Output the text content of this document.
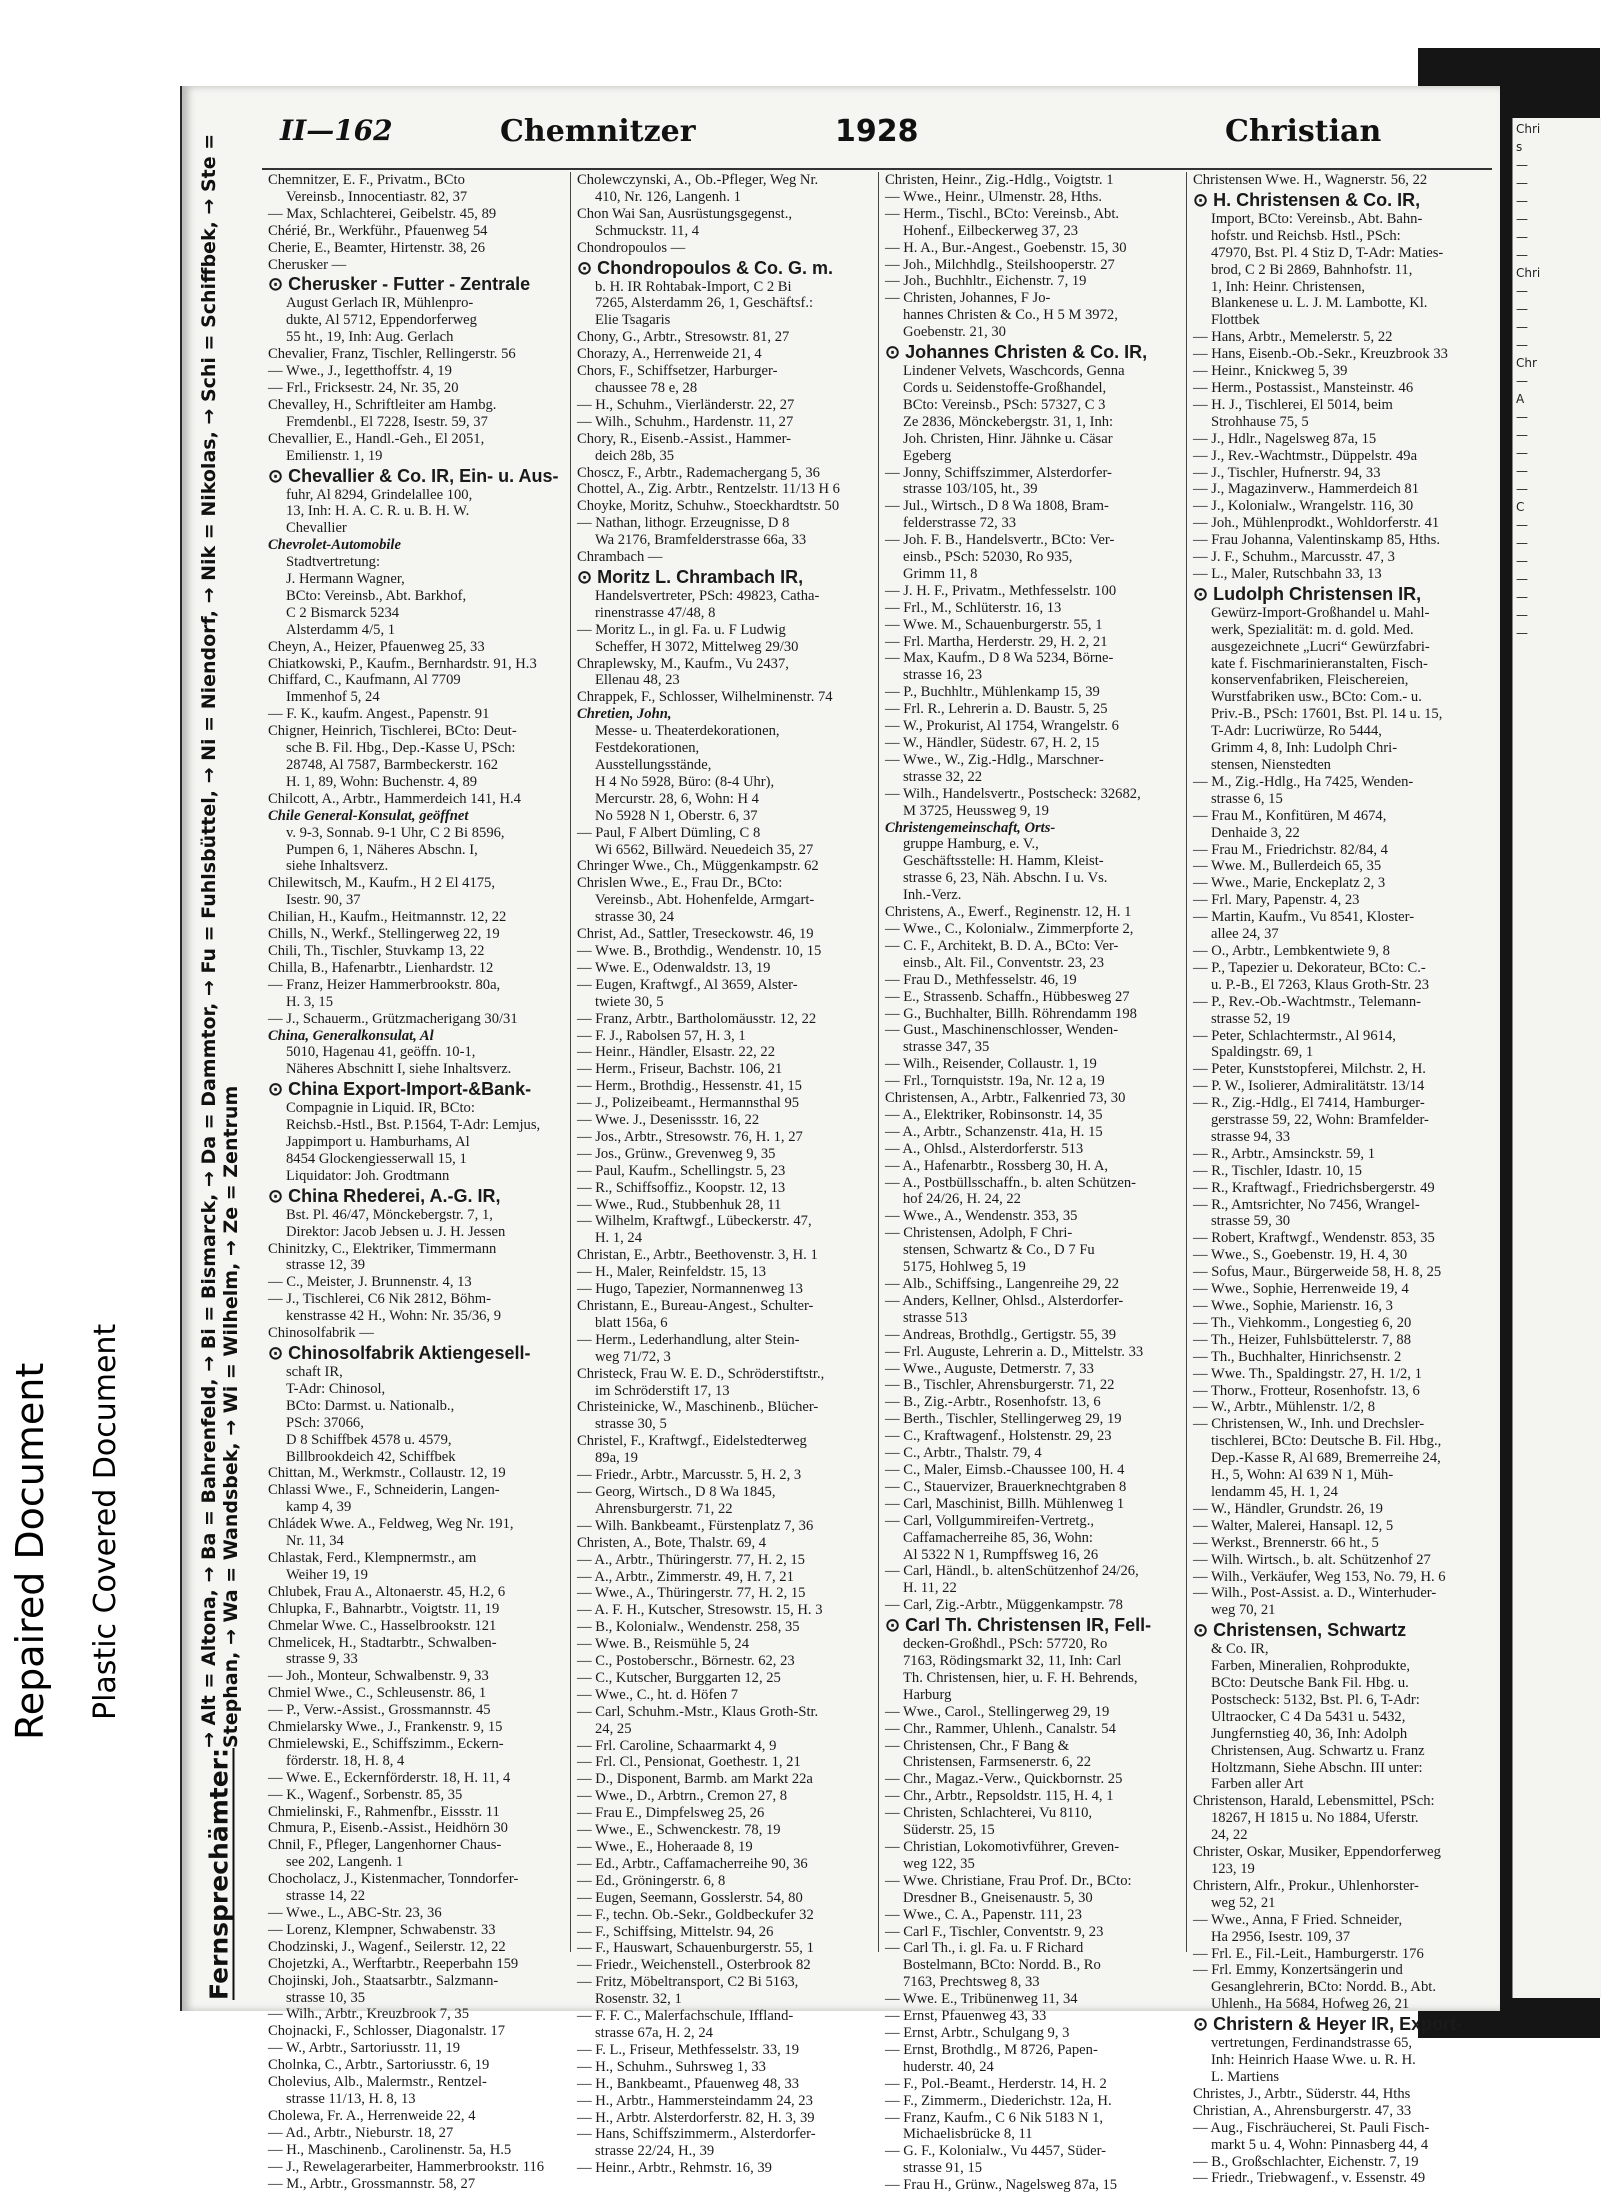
Repaired Document Plastic Covered Document
Chri
s
—
—
—
—
—
—
Chri
—
—
—
—
Chr
—
A
—
—
—
—
—
C
—
—
—
—
—
—
—
Fernsprechämter:
→ Alt = Altona, → Ba = Bahrenfeld, → Bi = Bismarck, → Da = Dammtor, → Fu = Fuhlsbüttel, → Ni = Niendorf, → Nik = Nikolas, → Schi = Schiffbek, → Ste = Stephan, → Wa = Wandsbek, → Wi = Wilhelm, → Ze = Zentrum
II—162	Chemnitzer	1928	Christian
Chemnitzer, E. F., Privatm., BCto
Vereinsb., Innocentiastr. 82, 37
— Max, Schlachterei, Geibelstr. 45, 89
Chérié, Br., Werkführ., Pfauenweg 54
Cherie, E., Beamter, Hirtenstr. 38, 26
Cherusker —
⊙ Cherusker - Futter - Zentrale
August Gerlach IR, Mühlenpro-
dukte, Al 5712, Eppendorferweg
55 ht., 19, Inh: Aug. Gerlach
Chevalier, Franz, Tischler, Rellingerstr. 56
— Wwe., J., Iegetthoffstr. 4, 19
— Frl., Fricksestr. 24, Nr. 35, 20
Chevalley, H., Schriftleiter am Hambg.
Fremdenbl., El 7228, Isestr. 59, 37
Chevallier, E., Handl.-Geh., El 2051,
Emilienstr. 1, 19
⊙ Chevallier & Co. IR, Ein- u. Aus-
fuhr, Al 8294, Grindelallee 100,
13, Inh: H. A. C. R. u. B. H. W.
Chevallier
Chevrolet-Automobile
Stadtvertretung:
J. Hermann Wagner,
BCto: Vereinsb., Abt. Barkhof,
C 2 Bismarck 5234
Alsterdamm 4/5, 1
Cheyn, A., Heizer, Pfauenweg 25, 33
Chiatkowski, P., Kaufm., Bernhardstr. 91, H.3
Chiffard, C., Kaufmann, Al 7709
Immenhof 5, 24
— F. K., kaufm. Angest., Papenstr. 91
Chigner, Heinrich, Tischlerei, BCto: Deut-
sche B. Fil. Hbg., Dep.-Kasse U, PSch:
28748, Al 7587, Barmbeckerstr. 162
H. 1, 89, Wohn: Buchenstr. 4, 89
Chilcott, A., Arbtr., Hammerdeich 141, H.4
Chile General-Konsulat, geöffnet
v. 9-3, Sonnab. 9-1 Uhr, C 2 Bi 8596,
Pumpen 6, 1, Näheres Abschn. I,
siehe Inhaltsverz.
Chilewitsch, M., Kaufm., H 2 El 4175,
Isestr. 90, 37
Chilian, H., Kaufm., Heitmannstr. 12, 22
Chills, N., Werkf., Stellingerweg 22, 19
Chili, Th., Tischler, Stuvkamp 13, 22
Chilla, B., Hafenarbtr., Lienhardstr. 12
— Franz, Heizer Hammerbrookstr. 80a,
H. 3, 15
— J., Schauerm., Grützmacherigang 30/31
China, Generalkonsulat, Al
5010, Hagenau 41, geöffn. 10-1,
Näheres Abschnitt I, siehe Inhaltsverz.
⊙ China Export-Import-&Bank-
Compagnie in Liquid. IR, BCto:
Reichsb.-Hstl., Bst. P.1564, T-Adr: Lemjus,
Jappimport u. Hamburhams, Al
8454 Glockengiesserwall 15, 1
Liquidator: Joh. Grodtmann
⊙ China Rhederei, A.-G. IR,
Bst. Pl. 46/47, Mönckebergstr. 7, 1,
Direktor: Jacob Jebsen u. J. H. Jessen
Chinitzky, C., Elektriker, Timmermann
strasse 12, 39
— C., Meister, J. Brunnenstr. 4, 13
— J., Tischlerei, C6 Nik 2812, Böhm-
kenstrasse 42 H., Wohn: Nr. 35/36, 9
Chinosolfabrik —
⊙ Chinosolfabrik Aktiengesell-
schaft IR,
T-Adr: Chinosol,
BCto: Darmst. u. Nationalb.,
PSch: 37066,
D 8 Schiffbek 4578 u. 4579,
Billbrookdeich 42, Schiffbek
Chittan, M., Werkmstr., Collaustr. 12, 19
Chlassi Wwe., F., Schneiderin, Langen-
kamp 4, 39
Chládek Wwe. A., Feldweg, Weg Nr. 191,
Nr. 11, 34
Chlastak, Ferd., Klempnermstr., am
Weiher 19, 19
Chlubek, Frau A., Altonaerstr. 45, H.2, 6
Chlupka, F., Bahnarbtr., Voigtstr. 11, 19
Chmelar Wwe. C., Hasselbrookstr. 121
Chmelicek, H., Stadtarbtr., Schwalben-
strasse 9, 33
— Joh., Monteur, Schwalbenstr. 9, 33
Chmiel Wwe., C., Schleusenstr. 86, 1
— P., Verw.-Assist., Grossmannstr. 45
Chmielarsky Wwe., J., Frankenstr. 9, 15
Chmielewski, E., Schiffszimm., Eckern-
förderstr. 18, H. 8, 4
— Wwe. E., Eckernförderstr. 18, H. 11, 4
— K., Wagenf., Sorbenstr. 85, 35
Chmielinski, F., Rahmenfbr., Eissstr. 11
Chmura, P., Eisenb.-Assist., Heidhörn 30
Chnil, F., Pfleger, Langenhorner Chaus-
see 202, Langenh. 1
Chocholacz, J., Kistenmacher, Tonndorfer-
strasse 14, 22
— Wwe., L., ABC-Str. 23, 36
— Lorenz, Klempner, Schwabenstr. 33
Chodzinski, J., Wagenf., Seilerstr. 12, 22
Chojetzki, A., Werftarbtr., Reeperbahn 159
Chojinski, Joh., Staatsarbtr., Salzmann-
strasse 10, 35
— Wilh., Arbtr., Kreuzbrook 7, 35
Chojnacki, F., Schlosser, Diagonalstr. 17
— W., Arbtr., Sartoriusstr. 11, 19
Cholnka, C., Arbtr., Sartoriusstr. 6, 19
Cholevius, Alb., Malermstr., Rentzel-
strasse 11/13, H. 8, 13
Cholewa, Fr. A., Herrenweide 22, 4
— Ad., Arbtr., Nieburstr. 18, 27
— H., Maschinenb., Carolinenstr. 5a, H.5
— J., Rewelagerarbeiter, Hammerbrookstr. 116
— M., Arbtr., Grossmannstr. 58, 27
Cholewczynski, A., Ob.-Pfleger, Weg Nr.
410, Nr. 126, Langenh. 1
Chon Wai San, Ausrüstungsgegenst.,
Schmuckstr. 11, 4
Chondropoulos —
⊙ Chondropoulos & Co. G. m.
b. H. IR Rohtabak-Import, C 2 Bi
7265, Alsterdamm 26, 1, Geschäftsf.:
Elie Tsagaris
Chony, G., Arbtr., Stresowstr. 81, 27
Chorazy, A., Herrenweide 21, 4
Chors, F., Schiffsetzer, Harburger-
chaussee 78 e, 28
— H., Schuhm., Vierländerstr. 22, 27
— Wilh., Schuhm., Hardenstr. 11, 27
Chory, R., Eisenb.-Assist., Hammer-
deich 28b, 35
Choscz, F., Arbtr., Rademachergang 5, 36
Chottel, A., Zig. Arbtr., Rentzelstr. 11/13 H 6
Choyke, Moritz, Schuhw., Stoeckhardtstr. 50
— Nathan, lithogr. Erzeugnisse, D 8
Wa 2176, Bramfelderstrasse 66a, 33
Chrambach —
⊙ Moritz L. Chrambach IR,
Handelsvertreter, PSch: 49823, Catha-
rinenstrasse 47/48, 8
— Moritz L., in gl. Fa. u. F Ludwig
Scheffer, H 3072, Mittelweg 29/30
Chraplewsky, M., Kaufm., Vu 2437,
Ellenau 48, 23
Chrappek, F., Schlosser, Wilhelminenstr. 74
Chretien, John,
Messe- u. Theaterdekorationen,
Festdekorationen,
Ausstellungsstände,
H 4 No 5928, Büro: (8-4 Uhr),
Mercurstr. 28, 6, Wohn: H 4
No 5928 N 1, Oberstr. 6, 37
— Paul, F Albert Dümling, C 8
Wi 6562, Billwärd. Neuedeich 35, 27
Chringer Wwe., Ch., Müggenkampstr. 62
Chrislen Wwe., E., Frau Dr., BCto:
Vereinsb., Abt. Hohenfelde, Armgart-
strasse 30, 24
Christ, Ad., Sattler, Treseckowstr. 46, 19
— Wwe. B., Brothdig., Wendenstr. 10, 15
— Wwe. E., Odenwaldstr. 13, 19
— Eugen, Kraftwgf., Al 3659, Alster-
twiete 30, 5
— Franz, Arbtr., Bartholomäusstr. 12, 22
— F. J., Rabolsen 57, H. 3, 1
— Heinr., Händler, Elsastr. 22, 22
— Herm., Friseur, Bachstr. 106, 21
— Herm., Brothdig., Hessenstr. 41, 15
— J., Polizeibeamt., Hermannsthal 95
— Wwe. J., Desenissstr. 16, 22
— Jos., Arbtr., Stresowstr. 76, H. 1, 27
— Jos., Grünw., Grevenweg 9, 35
— Paul, Kaufm., Schellingstr. 5, 23
— R., Schiffsoffiz., Koopstr. 12, 13
— Wwe., Rud., Stubbenhuk 28, 11
— Wilhelm, Kraftwgf., Lübeckerstr. 47,
H. 1, 24
Christan, E., Arbtr., Beethovenstr. 3, H. 1
— H., Maler, Reinfeldstr. 15, 13
— Hugo, Tapezier, Normannenweg 13
Christann, E., Bureau-Angest., Schulter-
blatt 156a, 6
— Herm., Lederhandlung, alter Stein-
weg 71/72, 3
Christeck, Frau W. E. D., Schröderstiftstr.,
im Schröderstift 17, 13
Christeinicke, W., Maschinenb., Blücher-
strasse 30, 5
Christel, F., Kraftwgf., Eidelstedterweg
89a, 19
— Friedr., Arbtr., Marcusstr. 5, H. 2, 3
— Georg, Wirtsch., D 8 Wa 1845,
Ahrensburgerstr. 71, 22
— Wilh. Bankbeamt., Fürstenplatz 7, 36
Christen, A., Bote, Thalstr. 69, 4
— A., Arbtr., Thüringerstr. 77, H. 2, 15
— A., Arbtr., Zimmerstr. 49, H. 7, 21
— Wwe., A., Thüringerstr. 77, H. 2, 15
— A. F. H., Kutscher, Stresowstr. 15, H. 3
— B., Kolonialw., Wendenstr. 258, 35
— Wwe. B., Reismühle 5, 24
— C., Postoberschr., Börnestr. 62, 23
— C., Kutscher, Burggarten 12, 25
— Wwe., C., ht. d. Höfen 7
— Carl, Schuhm.-Mstr., Klaus Groth-Str.
24, 25
— Frl. Caroline, Schaarmarkt 4, 9
— Frl. Cl., Pensionat, Goethestr. 1, 21
— D., Disponent, Barmb. am Markt 22a
— Wwe., D., Arbtrn., Cremon 27, 8
— Frau E., Dimpfelsweg 25, 26
— Wwe., E., Schwenckestr. 78, 19
— Wwe., E., Hoheraade 8, 19
— Ed., Arbtr., Caffamacherreihe 90, 36
— Ed., Gröningerstr. 6, 8
— Eugen, Seemann, Gosslerstr. 54, 80
— F., techn. Ob.-Sekr., Goldbeckufer 32
— F., Schiffsing, Mittelstr. 94, 26
— F., Hauswart, Schauenburgerstr. 55, 1
— Friedr., Weichenstell., Osterbrook 82
— Fritz, Möbeltransport, C2 Bi 5163,
Rosenstr. 32, 1
— F. F. C., Malerfachschule, Iffland-
strasse 67a, H. 2, 24
— F. L., Friseur, Methfesselstr. 33, 19
— H., Schuhm., Suhrsweg 1, 33
— H., Bankbeamt., Pfauenweg 48, 33
— H., Arbtr., Hammersteindamm 24, 23
— H., Arbtr. Alsterdorferstr. 82, H. 3, 39
— Hans, Schiffszimmerm., Alsterdorfer-
strasse 22/24, H., 39
— Heinr., Arbtr., Rehmstr. 16, 39
Christen, Heinr., Zig.-Hdlg., Voigtstr. 1
— Wwe., Heinr., Ulmenstr. 28, Hths.
— Herm., Tischl., BCto: Vereinsb., Abt.
Hohenf., Eilbeckerweg 37, 23
— H. A., Bur.-Angest., Goebenstr. 15, 30
— Joh., Milchhdlg., Steilshooperstr. 27
— Joh., Buchhltr., Eichenstr. 7, 19
— Christen, Johannes, F Jo-
hannes Christen & Co., H 5 M 3972,
Goebenstr. 21, 30
⊙ Johannes Christen & Co. IR,
Lindener Velvets, Waschcords, Genna
Cords u. Seidenstoffe-Großhandel,
BCto: Vereinsb., PSch: 57327, C 3
Ze 2836, Mönckebergstr. 31, 1, Inh:
Joh. Christen, Hinr. Jähnke u. Cäsar
Egeberg
— Jonny, Schiffszimmer, Alsterdorfer-
strasse 103/105, ht., 39
— Jul., Wirtsch., D 8 Wa 1808, Bram-
felderstrasse 72, 33
— Joh. F. B., Handelsvertr., BCto: Ver-
einsb., PSch: 52030, Ro 935,
Grimm 11, 8
— J. H. F., Privatm., Methfesselstr. 100
— Frl., M., Schlüterstr. 16, 13
— Wwe. M., Schauenburgerstr. 55, 1
— Frl. Martha, Herderstr. 29, H. 2, 21
— Max, Kaufm., D 8 Wa 5234, Börne-
strasse 16, 23
— P., Buchhltr., Mühlenkamp 15, 39
— Frl. R., Lehrerin a. D. Baustr. 5, 25
— W., Prokurist, Al 1754, Wrangelstr. 6
— W., Händler, Südestr. 67, H. 2, 15
— Wwe., W., Zig.-Hdlg., Marschner-
strasse 32, 22
— Wilh., Handelsvertr., Postscheck: 32682,
M 3725, Heussweg 9, 19
Christengemeinschaft, Orts-
gruppe Hamburg, e. V.,
Geschäftsstelle: H. Hamm, Kleist-
strasse 6, 23, Näh. Abschn. I u. Vs.
Inh.-Verz.
Christens, A., Ewerf., Reginenstr. 12, H. 1
— Wwe., C., Kolonialw., Zimmerpforte 2,
— C. F., Architekt, B. D. A., BCto: Ver-
einsb., Alt. Fil., Conventstr. 23, 23
— Frau D., Methfesselstr. 46, 19
— E., Strassenb. Schaffn., Hübbesweg 27
— G., Buchhalter, Billh. Röhrendamm 198
— Gust., Maschinenschlosser, Wenden-
strasse 347, 35
— Wilh., Reisender, Collaustr. 1, 19
— Frl., Tornquiststr. 19a, Nr. 12 a, 19
Christensen, A., Arbtr., Falkenried 73, 30
— A., Elektriker, Robinsonstr. 14, 35
— A., Arbtr., Schanzenstr. 41a, H. 15
— A., Ohlsd., Alsterdorferstr. 513
— A., Hafenarbtr., Rossberg 30, H. A,
— A., Postbüllsschaffn., b. alten Schützen-
hof 24/26, H. 24, 22
— Wwe., A., Wendenstr. 353, 35
— Christensen, Adolph, F Chri-
stensen, Schwartz & Co., D 7 Fu
5175, Hohlweg 5, 19
— Alb., Schiffsing., Langenreihe 29, 22
— Anders, Kellner, Ohlsd., Alsterdorfer-
strasse 513
— Andreas, Brothdlg., Gertigstr. 55, 39
— Frl. Auguste, Lehrerin a. D., Mittelstr. 33
— Wwe., Auguste, Detmerstr. 7, 33
— B., Tischler, Ahrensburgerstr. 71, 22
— B., Zig.-Arbtr., Rosenhofstr. 13, 6
— Berth., Tischler, Stellingerweg 29, 19
— C., Kraftwagenf., Holstenstr. 29, 23
— C., Arbtr., Thalstr. 79, 4
— C., Maler, Eimsb.-Chaussee 100, H. 4
— C., Stauervizer, Brauerknechtgraben 8
— Carl, Maschinist, Billh. Mühlenweg 1
— Carl, Vollgummireifen-Vertretg.,
Caffamacherreihe 85, 36, Wohn:
Al 5322 N 1, Rumpffsweg 16, 26
— Carl, Händl., b. altenSchützenhof 24/26,
H. 11, 22
— Carl, Zig.-Arbtr., Müggenkampstr. 78
⊙ Carl Th. Christensen IR, Fell-
decken-Großhdl., PSch: 57720, Ro
7163, Rödingsmarkt 32, 11, Inh: Carl
Th. Christensen, hier, u. F. H. Behrends,
Harburg
— Wwe., Carol., Stellingerweg 29, 19
— Chr., Rammer, Uhlenh., Canalstr. 54
— Christensen, Chr., F Bang &
Christensen, Farmsenerstr. 6, 22
— Chr., Magaz.-Verw., Quickbornstr. 25
— Chr., Arbtr., Repsoldstr. 115, H. 4, 1
— Christen, Schlachterei, Vu 8110,
Süderstr. 25, 15
— Christian, Lokomotivführer, Greven-
weg 122, 35
— Wwe. Christiane, Frau Prof. Dr., BCto:
Dresdner B., Gneisenaustr. 5, 30
— Wwe., C. A., Papenstr. 111, 23
— Carl F., Tischler, Conventstr. 9, 23
— Carl Th., i. gl. Fa. u. F Richard
Bostelmann, BCto: Nordd. B., Ro
7163, Prechtsweg 8, 33
— Wwe. E., Tribünenweg 11, 34
— Ernst, Pfauenweg 43, 33
— Ernst, Arbtr., Schulgang 9, 3
— Ernst, Brothdlg., M 8726, Papen-
huderstr. 40, 24
— F., Pol.-Beamt., Herderstr. 14, H. 2
— F., Zimmerm., Diederichstr. 12a, H.
— Franz, Kaufm., C 6 Nik 5183 N 1,
Michaelisbrücke 8, 11
— G. F., Kolonialw., Vu 4457, Süder-
strasse 91, 15
— Frau H., Grünw., Nagelsweg 87a, 15
Christensen Wwe. H., Wagnerstr. 56, 22
⊙ H. Christensen & Co. IR,
Import, BCto: Vereinsb., Abt. Bahn-
hofstr. und Reichsb. Hstl., PSch:
47970, Bst. Pl. 4 Stiz D, T-Adr: Maties-
brod, C 2 Bi 2869, Bahnhofstr. 11,
1, Inh: Heinr. Christensen,
Blankenese u. L. J. M. Lambotte, Kl.
Flottbek
— Hans, Arbtr., Memelerstr. 5, 22
— Hans, Eisenb.-Ob.-Sekr., Kreuzbrook 33
— Heinr., Knickweg 5, 39
— Herm., Postassist., Mansteinstr. 46
— H. J., Tischlerei, El 5014, beim
Strohhause 75, 5
— J., Hdlr., Nagelsweg 87a, 15
— J., Rev.-Wachtmstr., Düppelstr. 49a
— J., Tischler, Hufnerstr. 94, 33
— J., Magazinverw., Hammerdeich 81
— J., Kolonialw., Wrangelstr. 116, 30
— Joh., Mühlenprodkt., Wohldorferstr. 41
— Frau Johanna, Valentinskamp 85, Hths.
— J. F., Schuhm., Marcusstr. 47, 3
— L., Maler, Rutschbahn 33, 13
⊙ Ludolph Christensen IR,
Gewürz-Import-Großhandel u. Mahl-
werk, Spezialität: m. d. gold. Med.
ausgezeichnete „Lucri“ Gewürzfabri-
kate f. Fischmarinieranstalten, Fisch-
konservenfabriken, Fleischereien,
Wurstfabriken usw., BCto: Com.- u.
Priv.-B., PSch: 17601, Bst. Pl. 14 u. 15,
T-Adr: Lucriwürze, Ro 5444,
Grimm 4, 8, Inh: Ludolph Chri-
stensen, Nienstedten
— M., Zig.-Hdlg., Ha 7425, Wenden-
strasse 6, 15
— Frau M., Konfitüren, M 4674,
Denhaide 3, 22
— Frau M., Friedrichstr. 82/84, 4
— Wwe. M., Bullerdeich 65, 35
— Wwe., Marie, Enckeplatz 2, 3
— Frl. Mary, Papenstr. 4, 23
— Martin, Kaufm., Vu 8541, Kloster-
allee 24, 37
— O., Arbtr., Lembkentwiete 9, 8
— P., Tapezier u. Dekorateur, BCto: C.-
u. P.-B., El 7263, Klaus Groth-Str. 23
— P., Rev.-Ob.-Wachtmstr., Telemann-
strasse 52, 19
— Peter, Schlachtermstr., Al 9614,
Spaldingstr. 69, 1
— Peter, Kunststopferei, Milchstr. 2, H.
— P. W., Isolierer, Admiralitätstr. 13/14
— R., Zig.-Hdlg., El 7414, Hamburger-
gerstrasse 59, 22, Wohn: Bramfelder-
strasse 94, 33
— R., Arbtr., Amsinckstr. 59, 1
— R., Tischler, Idastr. 10, 15
— R., Kraftwagf., Friedrichsbergerstr. 49
— R., Amtsrichter, No 7456, Wrangel-
strasse 59, 30
— Robert, Kraftwgf., Wendenstr. 853, 35
— Wwe., S., Goebenstr. 19, H. 4, 30
— Sofus, Maur., Bürgerweide 58, H. 8, 25
— Wwe., Sophie, Herrenweide 19, 4
— Wwe., Sophie, Marienstr. 16, 3
— Th., Viehkomm., Longestieg 6, 20
— Th., Heizer, Fuhlsbüttelerstr. 7, 88
— Th., Buchhalter, Hinrichsenstr. 2
— Wwe. Th., Spaldingstr. 27, H. 1/2, 1
— Thorw., Frotteur, Rosenhofstr. 13, 6
— W., Arbtr., Mühlenstr. 1/2, 8
— Christensen, W., Inh. und Drechsler-
tischlerei, BCto: Deutsche B. Fil. Hbg.,
Dep.-Kasse R, Al 689, Bremerreihe 24,
H., 5, Wohn: Al 639 N 1, Müh-
lendamm 45, H. 1, 24
— W., Händler, Grundstr. 26, 19
— Walter, Malerei, Hansapl. 12, 5
— Werkst., Brennerstr. 66 ht., 5
— Wilh. Wirtsch., b. alt. Schützenhof 27
— Wilh., Verkäufer, Weg 153, No. 79, H. 6
— Wilh., Post-Assist. a. D., Winterhuder-
weg 70, 21
⊙ Christensen, Schwartz
& Co. IR,
Farben, Mineralien, Rohprodukte,
BCto: Deutsche Bank Fil. Hbg. u.
Postscheck: 5132, Bst. Pl. 6, T-Adr:
Ultraocker, C 4 Da 5431 u. 5432,
Jungfernstieg 40, 36, Inh: Adolph
Christensen, Aug. Schwartz u. Franz
Holtzmann, Siehe Abschn. III unter:
Farben aller Art
Christenson, Harald, Lebensmittel, PSch:
18267, H 1815 u. No 1884, Uferstr.
24, 22
Christer, Oskar, Musiker, Eppendorferweg
123, 19
Christern, Alfr., Prokur., Uhlenhorster-
weg 52, 21
— Wwe., Anna, F Fried. Schneider,
Ha 2956, Isestr. 109, 37
— Frl. E., Fil.-Leit., Hamburgerstr. 176
— Frl. Emmy, Konzertsängerin und
Gesanglehrerin, BCto: Nordd. B., Abt.
Uhlenh., Ha 5684, Hofweg 26, 21
⊙ Christern & Heyer IR, Export-
vertretungen, Ferdinandstrasse 65,
Inh: Heinrich Haase Wwe. u. R. H.
L. Martiens
Christes, J., Arbtr., Süderstr. 44, Hths
Christian, A., Ahrensburgerstr. 47, 33
— Aug., Fischräucherei, St. Pauli Fisch-
markt 5 u. 4, Wohn: Pinnasberg 44, 4
— B., Großschlachter, Eichenstr. 7, 19
— Friedr., Triebwagenf., v. Essenstr. 49
